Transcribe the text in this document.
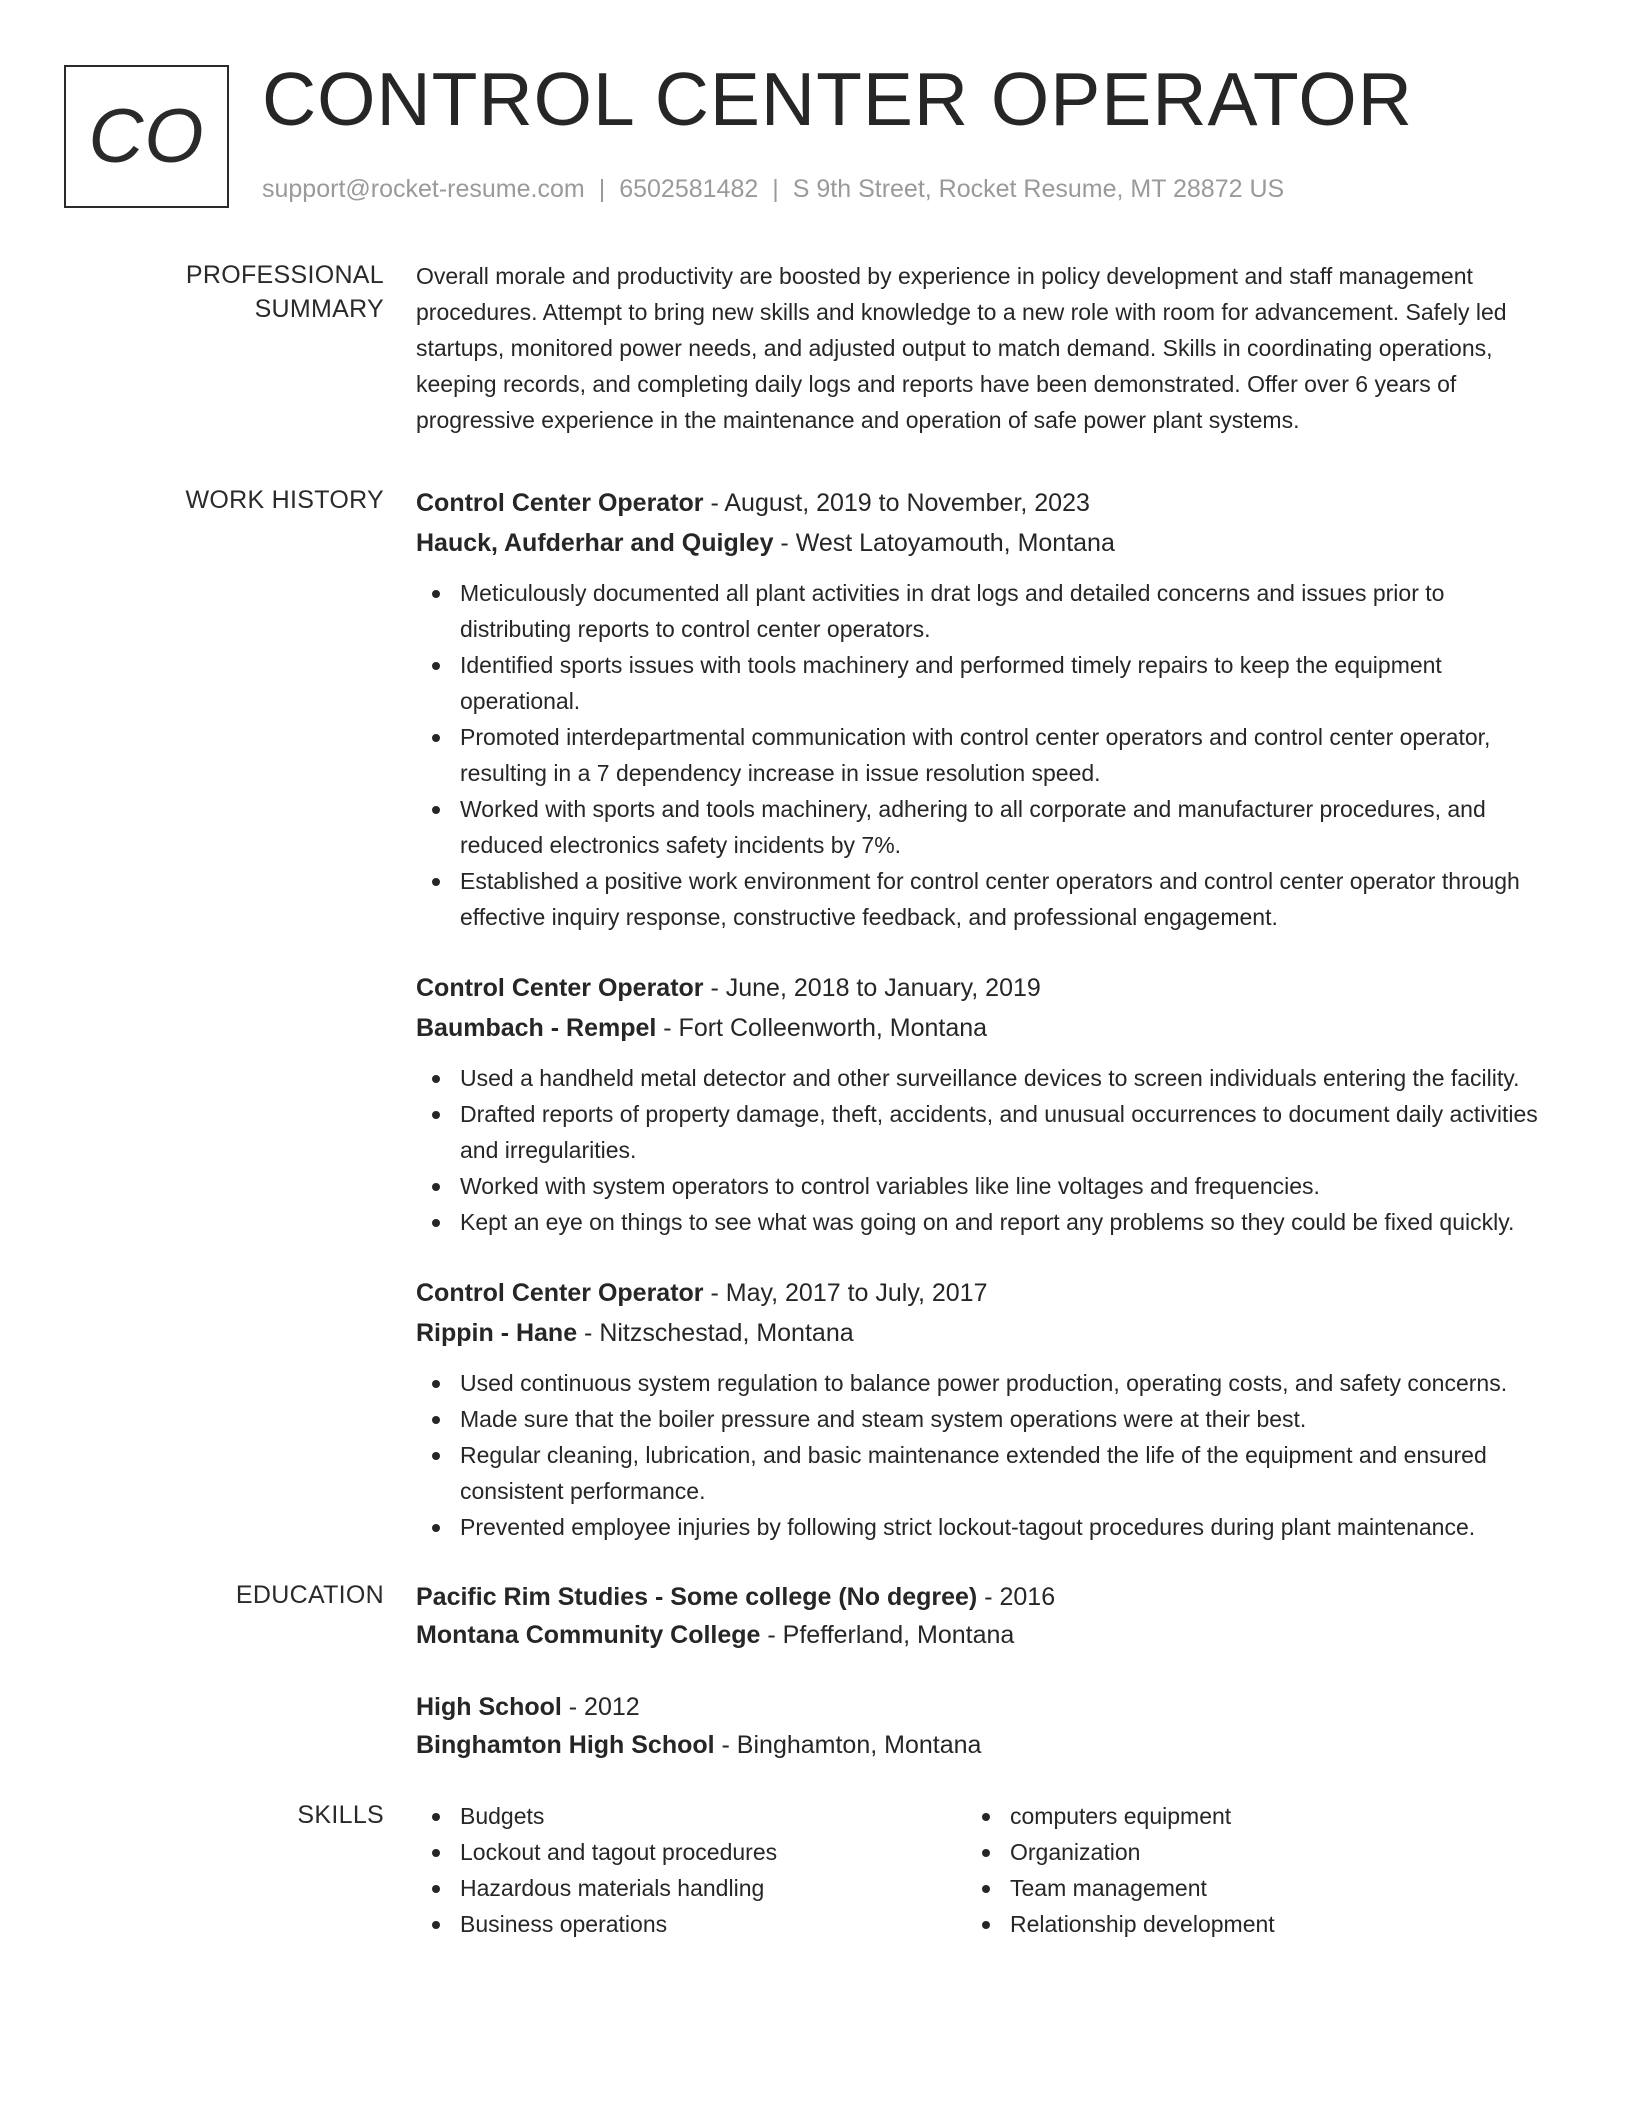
CO CONTROL CENTER OPERATOR
support@rocket-resume.com | 6502581482 | S 9th Street, Rocket Resume, MT 28872 US
PROFESSIONAL SUMMARY

Overall morale and productivity are boosted by experience in policy development and staff management procedures. Attempt to bring new skills and knowledge to a new role with room for advancement. Safely led startups, monitored power needs, and adjusted output to match demand. Skills in coordinating operations, keeping records, and completing daily logs and reports have been demonstrated. Offer over 6 years of progressive experience in the maintenance and operation of safe power plant systems.

WORK HISTORY	Control Center Operator - August, 2019 to November, 2023
Hauck, Aufderhar and Quigley - West Latoyamouth, Montana
Meticulously documented all plant activities in drat logs and detailed concerns and issues prior to distributing reports to control center operators.
Identified sports issues with tools machinery and performed timely repairs to keep the equipment operational.
Promoted interdepartmental communication with control center operators and control center operator, resulting in a 7 dependency increase in issue resolution speed.
Worked with sports and tools machinery, adhering to all corporate and manufacturer procedures, and reduced electronics safety incidents by 7%.
Established a positive work environment for control center operators and control center operator through effective inquiry response, constructive feedback, and professional engagement.
Control Center Operator - June, 2018 to January, 2019
Baumbach - Rempel - Fort Colleenworth, Montana
Used a handheld metal detector and other surveillance devices to screen individuals entering the facility.
Drafted reports of property damage, theft, accidents, and unusual occurrences to document daily activities and irregularities.
Worked with system operators to control variables like line voltages and frequencies.
Kept an eye on things to see what was going on and report any problems so they could be fixed quickly.
Control Center Operator - May, 2017 to July, 2017
Rippin - Hane - Nitzschestad, Montana
Used continuous system regulation to balance power production, operating costs, and safety concerns.
Made sure that the boiler pressure and steam system operations were at their best.
Regular cleaning, lubrication, and basic maintenance extended the life of the equipment and ensured consistent performance.
Prevented employee injuries by following strict lockout-tagout procedures during plant maintenance.
EDUCATION	Pacific Rim Studies - Some college (No degree) - 2016
Montana Community College - Pfefferland, Montana
High School - 2012
Binghamton High School - Binghamton, Montana
SKILLS	Budgets
Lockout and tagout procedures
Hazardous materials handling
Business operations
computers equipment
Organization
Team management
Relationship development
